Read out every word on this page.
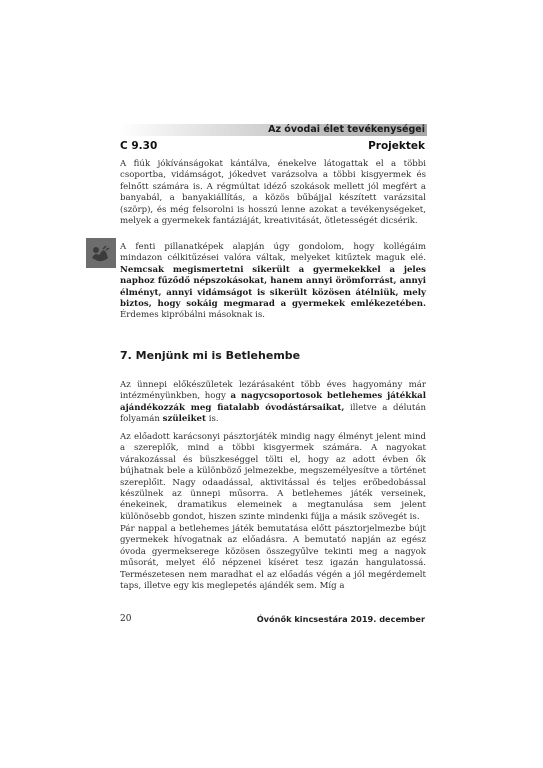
Az óvodai élet tevékenységei
C 9.30	Projektek

A fiúk jókívánságokat kántálva, énekelve látogattak el a többi csoportba, vidámságot, jókedvet varázsolva a többi kisgyermek és felnőtt számára is. A régmúltat idéző szokások mellett jól megfért a banyabál, a banyakiállítás, a közös bűbájjal készített varázsital (szörp), és még felsorolni is hosszú lenne azokat a tevékenységeket, melyek a gyermekek fantáziáját, kreativitását, ötletességét dicsérik.

A fenti pillanatképek alapján úgy gondolom, hogy kollégáim mindazon célkitűzései valóra váltak, melyeket kitűztek maguk elé. Nemcsak megismertetni sikerült a gyermekekkel a jeles naphoz fűződő népszokásokat, hanem annyi örömforrást, annyi élményt, annyi vidámságot is sikerült közösen átélniük, mely biztos, hogy sokáig megmarad a gyermekek emlékezetében. Érdemes kipróbálni másoknak is.

7. Menjünk mi is Betlehembe

Az ünnepi előkészületek lezárásaként több éves hagyomány már intézményünkben, hogy a nagycsoportosok betlehemes játékkal ajándékozzák meg fiatalabb óvodástársaikat, illetve a délután folyamán szüleiket is.

Az előadott karácsonyi pásztorjáték mindig nagy élményt jelent mind a szereplők, mind a többi kisgyermek számára. A nagyokat várakozással és büszkeséggel tölti el, hogy az adott évben ők bújhatnak bele a különböző jelmezekbe, megszemélyesítve a történet szereplőit. Nagy odaadással, aktivitással és teljes erőbedobással készülnek az ünnepi műsorra. A betlehemes játék verseinek, énekeinek, dramatikus elemeinek a megtanulása sem jelent különösebb gondot, hiszen szinte mindenki fújja a másik szövegét is.

Pár nappal a betlehemes játék bemutatása előtt pásztorjelmezbe bújt gyermekek hívogatnak az előadásra. A bemutató napján az egész óvoda gyermekserege közösen összegyűlve tekinti meg a nagyok műsorát, melyet élő népzenei kíséret tesz igazán hangulatossá. Természetesen nem maradhat el az előadás végén a jól megérdemelt taps, illetve egy kis meglepetés ajándék sem. Míg a

20	Óvónők kincsestára 2019. december
